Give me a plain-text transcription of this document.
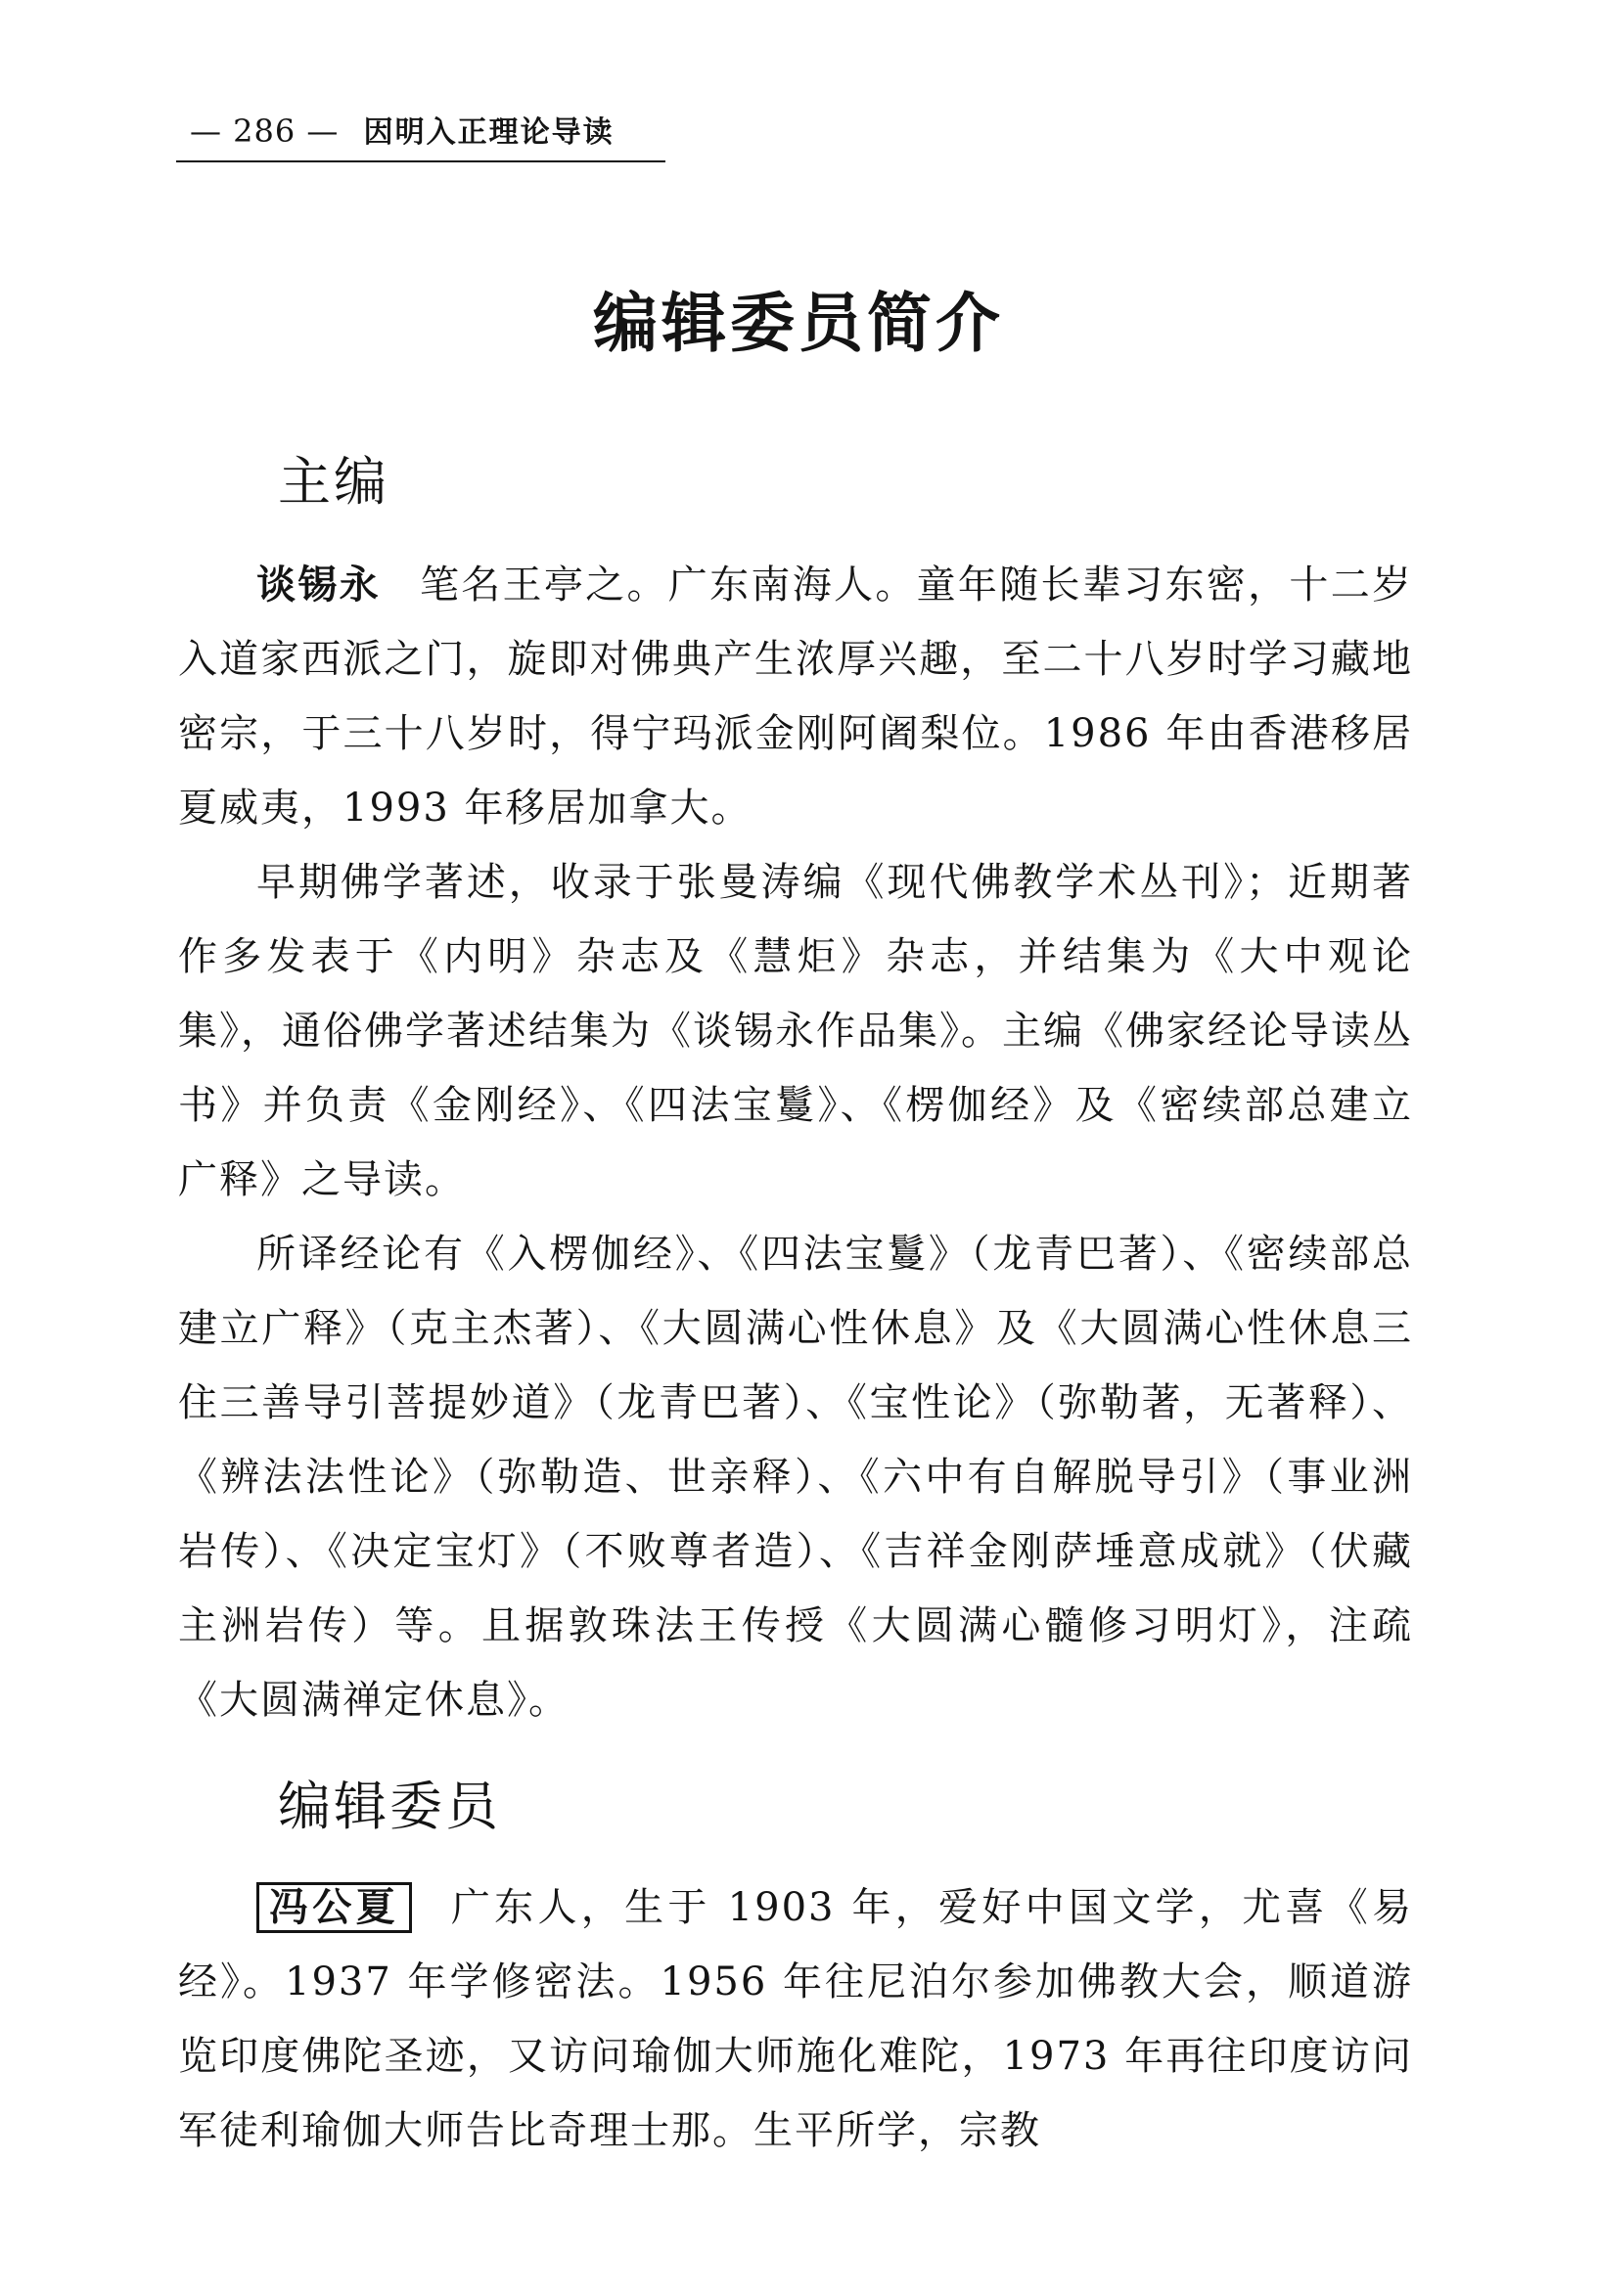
— 286 — 因明入正理论导读
编辑委员简介
主编

谈锡永 笔名王亭之。广东南海人。童年随长辈习东密，十二岁入道家西派之门，旋即对佛典产生浓厚兴趣，至二十八岁时学习藏地密宗，于三十八岁时，得宁玛派金刚阿阇梨位。1986 年由香港移居夏威夷，1993 年移居加拿大。

早期佛学著述，收录于张曼涛编《现代佛教学术丛刊》；近期著作多发表于《内明》杂志及《慧炬》杂志，并结集为《大中观论集》，通俗佛学著述结集为《谈锡永作品集》。主编《佛家经论导读丛书》并负责《金刚经》、《四法宝鬘》、《楞伽经》及《密续部总建立广释》之导读。

所译经论有《入楞伽经》、《四法宝鬘》（龙青巴著）、《密续部总建立广释》（克主杰著）、《大圆满心性休息》及《大圆满心性休息三住三善导引菩提妙道》（龙青巴著）、《宝性论》（弥勒著，无著释）、《辨法法性论》（弥勒造、世亲释）、《六中有自解脱导引》（事业洲岩传）、《决定宝灯》（不败尊者造）、《吉祥金刚萨埵意成就》（伏藏主洲岩传）等。且据敦珠法王传授《大圆满心髓修习明灯》，注疏《大圆满禅定休息》。

编辑委员

冯公夏 广东人，生于 1903 年，爱好中国文学，尤喜《易经》。1937 年学修密法。1956 年往尼泊尔参加佛教大会，顺道游览印度佛陀圣迹，又访问瑜伽大师施化难陀，1973 年再往印度访问军徒利瑜伽大师告比奇理士那。生平所学，宗教
